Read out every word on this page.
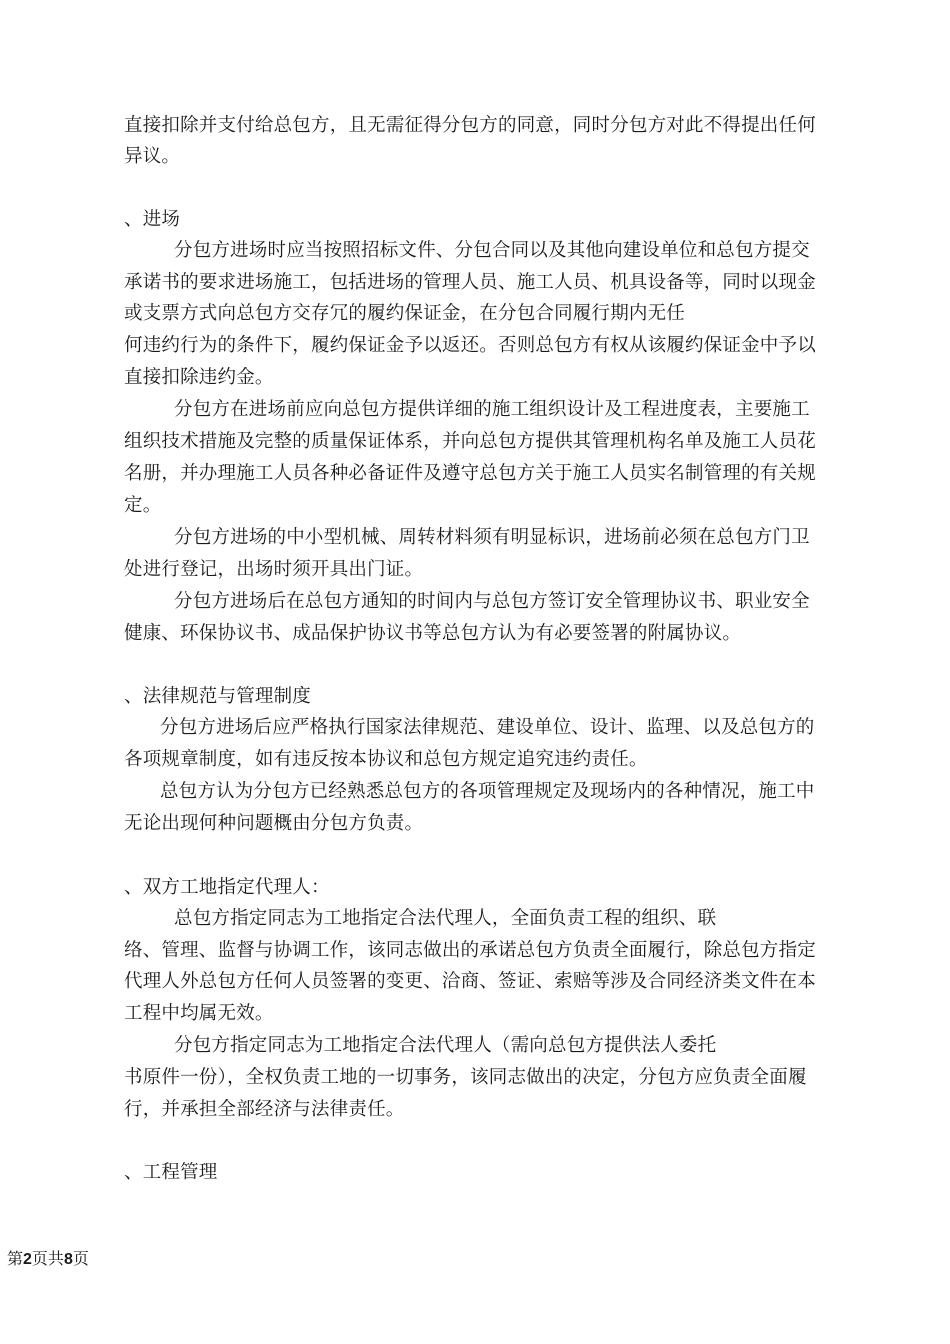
直接扣除并支付给总包方，且无需征得分包方的同意，同时分包方对此不得提出任何
异议。
、进场
分包方进场时应当按照招标文件、分包合同以及其他向建设单位和总包方提交
承诺书的要求进场施工，包括进场的管理人员、施工人员、机具设备等，同时以现金
或支票方式向总包方交存冗的履约保证金，在分包合同履行期内无任
何违约行为的条件下，履约保证金予以返还。否则总包方有权从该履约保证金中予以
直接扣除违约金。
分包方在进场前应向总包方提供详细的施工组织设计及工程进度表，主要施工
组织技术措施及完整的质量保证体系，并向总包方提供其管理机构名单及施工人员花
名册，并办理施工人员各种必备证件及遵守总包方关于施工人员实名制管理的有关规
定。
分包方进场的中小型机械、周转材料须有明显标识，进场前必须在总包方门卫
处进行登记，出场时须开具出门证。
分包方进场后在总包方通知的时间内与总包方签订安全管理协议书、职业安全
健康、环保协议书、成品保护协议书等总包方认为有必要签署的附属协议。
、法律规范与管理制度
分包方进场后应严格执行国家法律规范、建设单位、设计、监理、以及总包方的
各项规章制度，如有违反按本协议和总包方规定追究违约责任。
总包方认为分包方已经熟悉总包方的各项管理规定及现场内的各种情况，施工中
无论出现何种问题概由分包方负责。
、双方工地指定代理人：
总包方指定同志为工地指定合法代理人，全面负责工程的组织、联
络、管理、监督与协调工作，该同志做出的承诺总包方负责全面履行，除总包方指定
代理人外总包方任何人员签署的变更、洽商、签证、索赔等涉及合同经济类文件在本
工程中均属无效。
分包方指定同志为工地指定合法代理人（需向总包方提供法人委托
书原件一份），全权负责工地的一切事务，该同志做出的决定，分包方应负责全面履
行，并承担全部经济与法律责任。
、工程管理
第2页共8页
